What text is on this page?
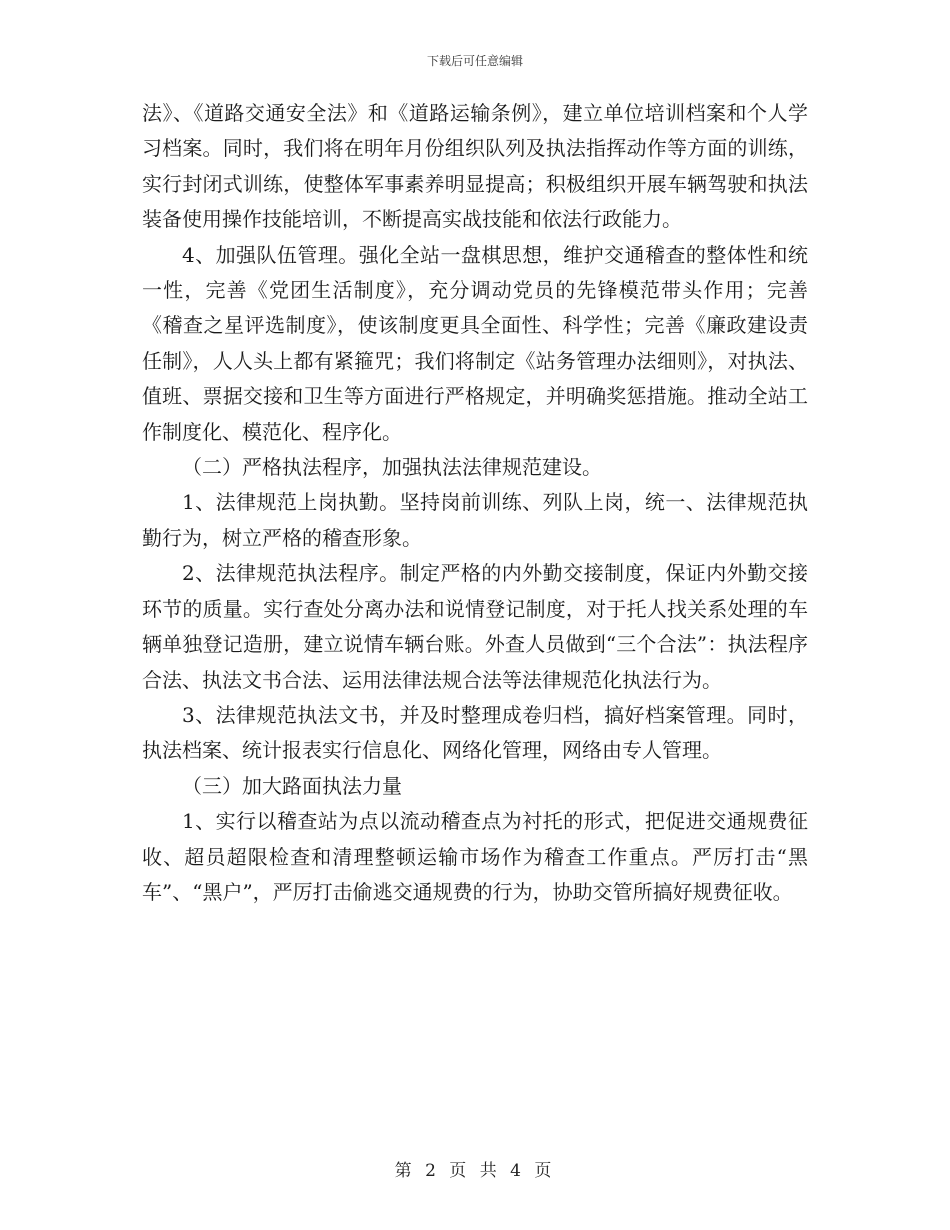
下载后可任意编辑

法》、《道路交通安全法》和《道路运输条例》，建立单位培训档案和个人学习档案。同时，我们将在明年月份组织队列及执法指挥动作等方面的训练，实行封闭式训练，使整体军事素养明显提高；积极组织开展车辆驾驶和执法装备使用操作技能培训，不断提高实战技能和依法行政能力。

4、加强队伍管理。强化全站一盘棋思想，维护交通稽查的整体性和统一性，完善《党团生活制度》，充分调动党员的先锋模范带头作用；完善《稽查之星评选制度》，使该制度更具全面性、科学性；完善《廉政建设责任制》，人人头上都有紧箍咒；我们将制定《站务管理办法细则》，对执法、值班、票据交接和卫生等方面进行严格规定，并明确奖惩措施。推动全站工作制度化、模范化、程序化。

（二）严格执法程序，加强执法法律规范建设。

1、法律规范上岗执勤。坚持岗前训练、列队上岗，统一、法律规范执勤行为，树立严格的稽查形象。

2、法律规范执法程序。制定严格的内外勤交接制度，保证内外勤交接环节的质量。实行查处分离办法和说情登记制度，对于托人找关系处理的车辆单独登记造册，建立说情车辆台账。外查人员做到“三个合法”：执法程序合法、执法文书合法、运用法律法规合法等法律规范化执法行为。

3、法律规范执法文书，并及时整理成卷归档，搞好档案管理。同时，执法档案、统计报表实行信息化、网络化管理，网络由专人管理。

（三）加大路面执法力量

1、实行以稽查站为点以流动稽查点为衬托的形式，把促进交通规费征收、超员超限检查和清理整顿运输市场作为稽查工作重点。严厉打击“黑车”、“黑户”，严厉打击偷逃交通规费的行为，协助交管所搞好规费征收。

第 2 页 共 4 页
